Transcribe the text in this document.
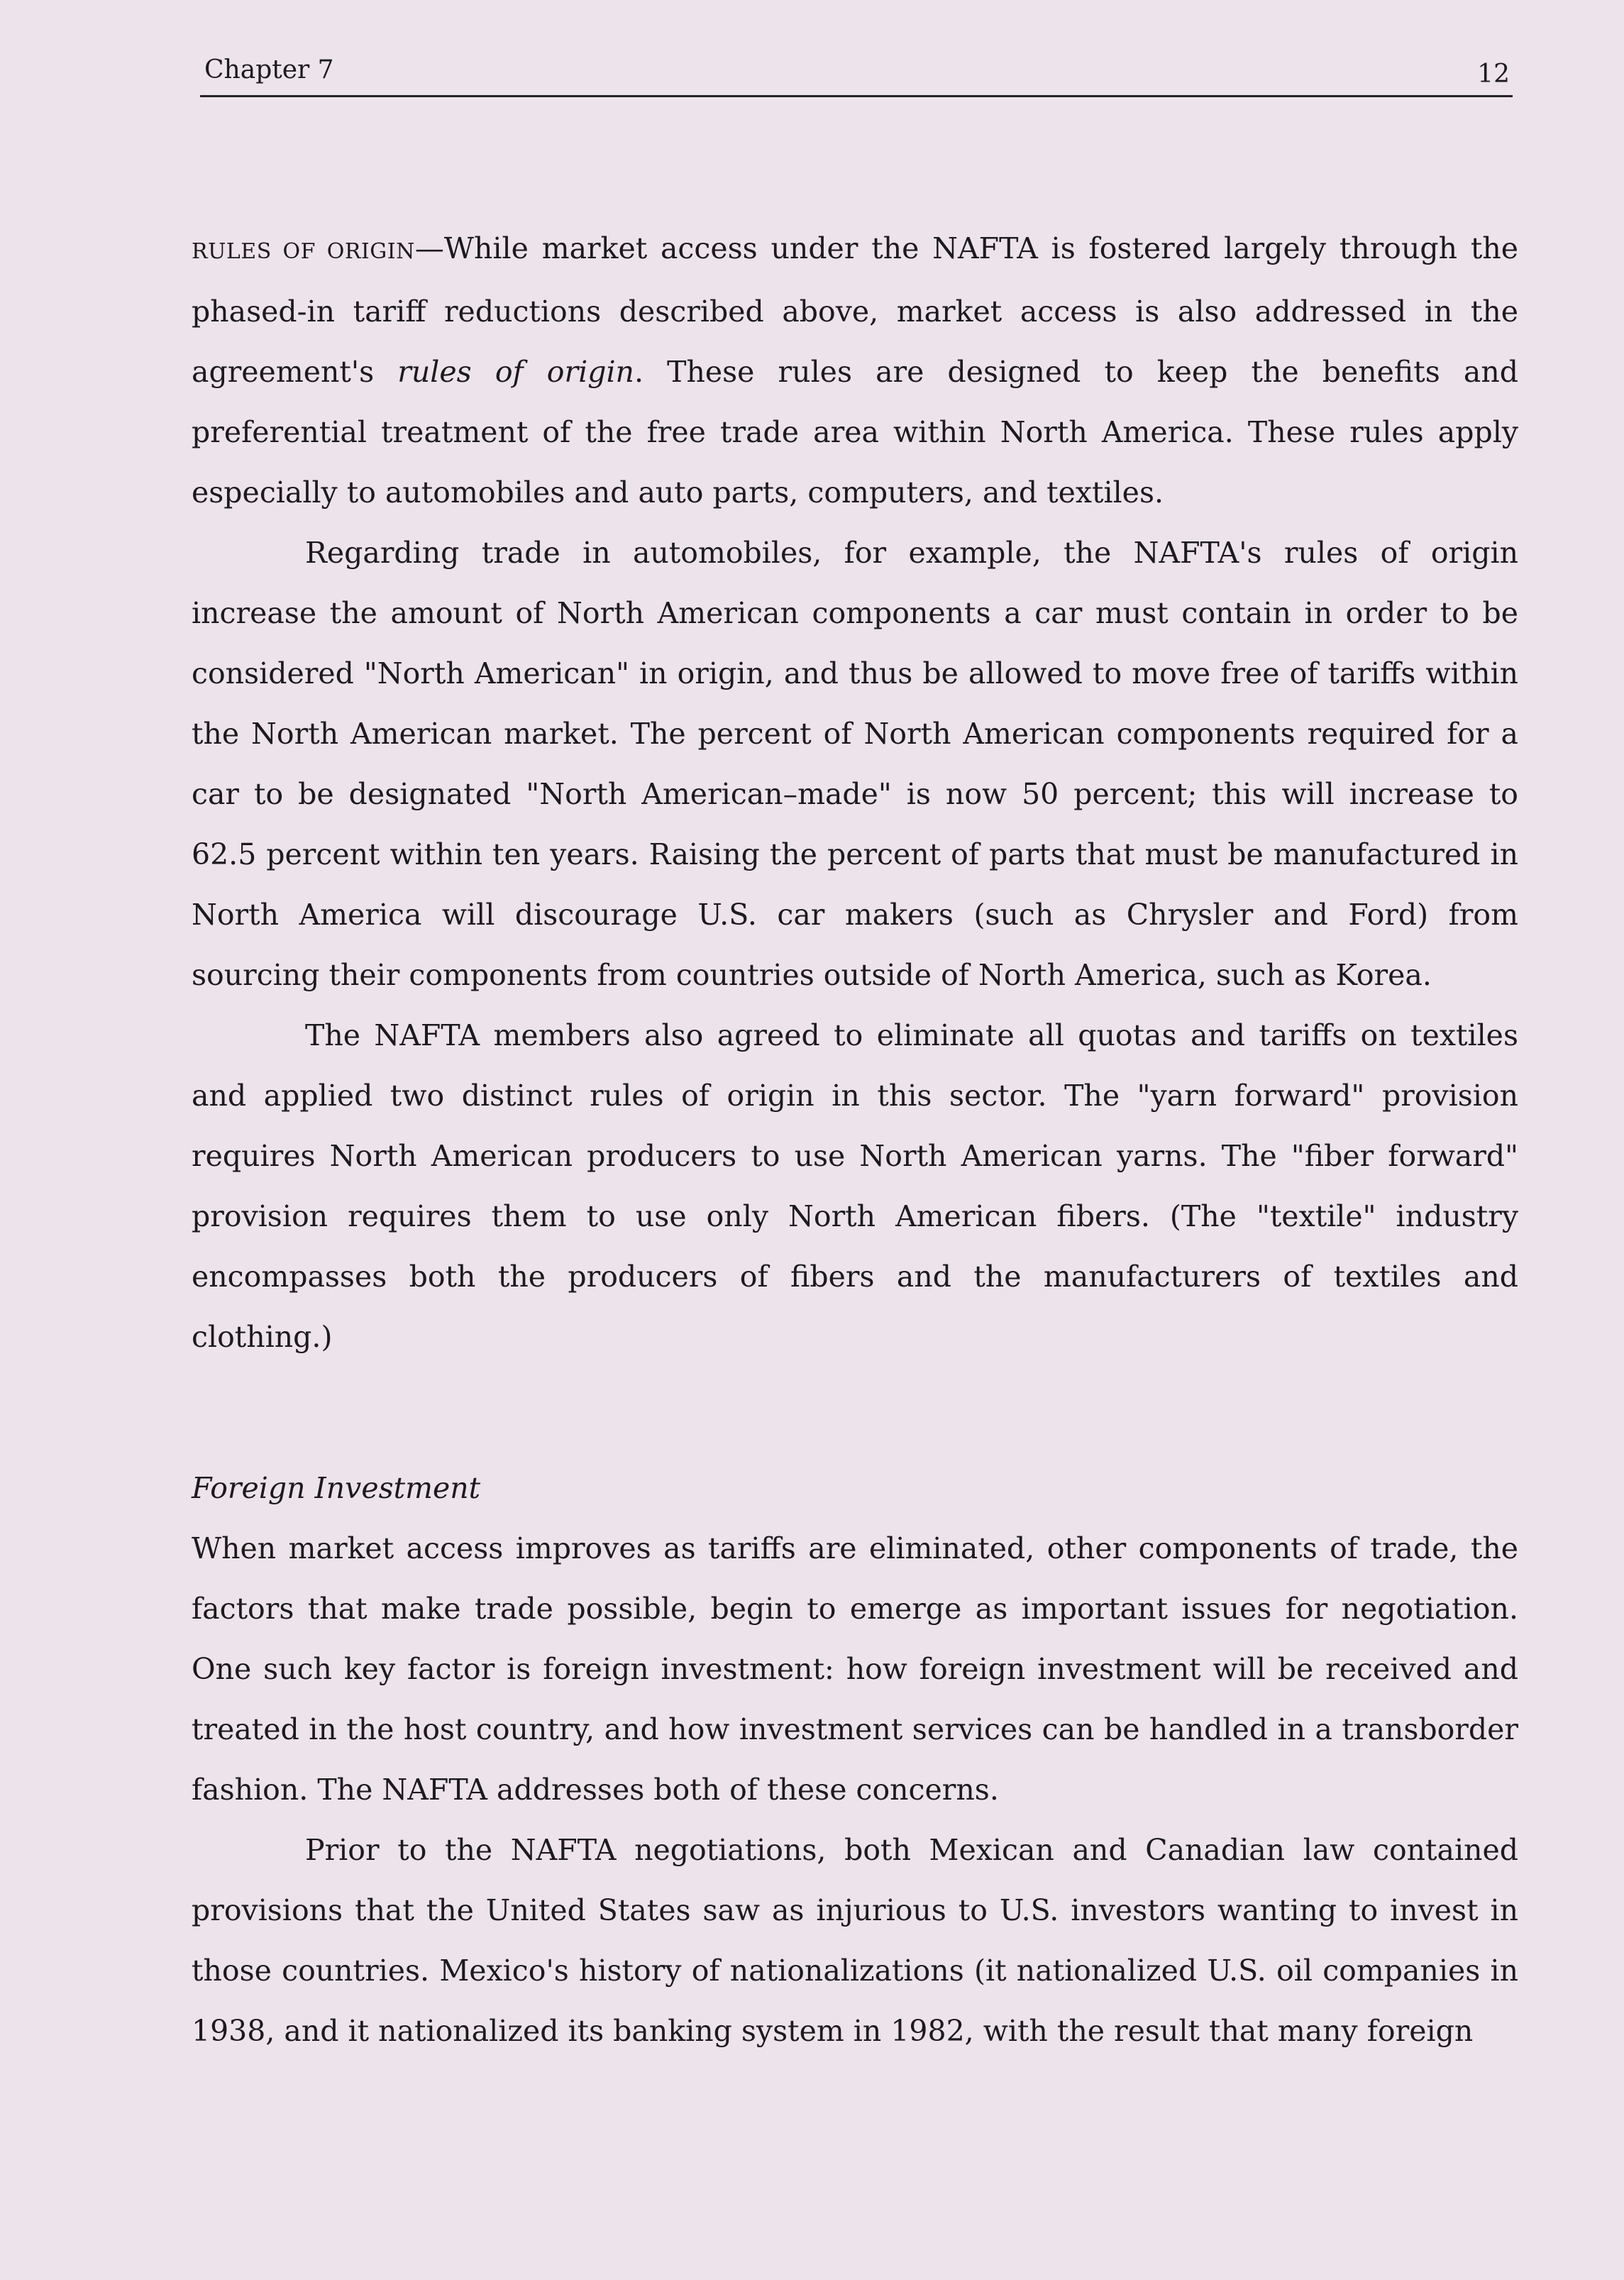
Chapter 7	12

RULES OF ORIGIN—While market access under the NAFTA is fostered largely through the phased-in tariff reductions described above, market access is also addressed in the agreement's rules of origin. These rules are designed to keep the benefits and preferential treatment of the free trade area within North America. These rules apply especially to automobiles and auto parts, computers, and textiles.

Regarding trade in automobiles, for example, the NAFTA's rules of origin increase the amount of North American components a car must contain in order to be considered "North American" in origin, and thus be allowed to move free of tariffs within the North American market. The percent of North American components required for a car to be designated "North American–made" is now 50 percent; this will increase to 62.5 percent within ten years. Raising the percent of parts that must be manufactured in North America will discourage U.S. car makers (such as Chrysler and Ford) from sourcing their components from countries outside of North America, such as Korea.

The NAFTA members also agreed to eliminate all quotas and tariffs on textiles and applied two distinct rules of origin in this sector. The "yarn forward" provision requires North American producers to use North American yarns. The "fiber forward" provision requires them to use only North American fibers. (The "textile" industry encompasses both the producers of fibers and the manufacturers of textiles and clothing.)

Foreign Investment

When market access improves as tariffs are eliminated, other components of trade, the factors that make trade possible, begin to emerge as important issues for negotiation. One such key factor is foreign investment: how foreign investment will be received and treated in the host country, and how investment services can be handled in a transborder fashion. The NAFTA addresses both of these concerns.

Prior to the NAFTA negotiations, both Mexican and Canadian law contained provisions that the United States saw as injurious to U.S. investors wanting to invest in those countries. Mexico's history of nationalizations (it nationalized U.S. oil companies in 1938, and it nationalized its banking system in 1982, with the result that many foreign
